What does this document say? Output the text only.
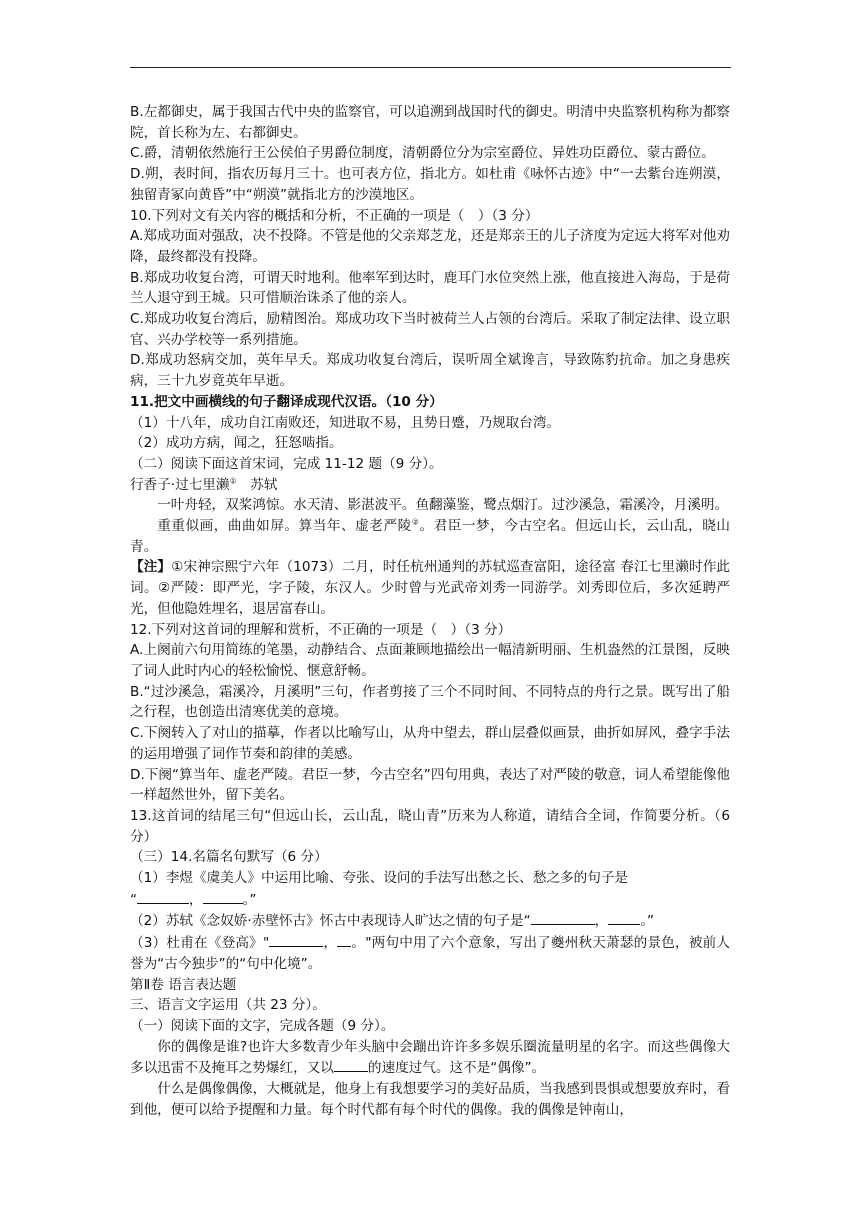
B.左都御史，属于我国古代中央的监察官，可以追溯到战国时代的御史。明清中央监察机构称为都察院，首长称为左、右都御史。

C.爵，清朝依然施行王公侯伯子男爵位制度，清朝爵位分为宗室爵位、异姓功臣爵位、蒙古爵位。

D.朔，表时间，指农历每月三十。也可表方位，指北方。如杜甫《咏怀古迹》中“一去紫台连朔漠，独留青冢向黄昏”中“朔漠”就指北方的沙漠地区。

10.下列对文有关内容的概括和分析，不正确的一项是（　）（3 分）

A.郑成功面对强敌，决不投降。不管是他的父亲郑芝龙，还是郑亲王的儿子济度为定远大将军对他劝降，最终都没有投降。

B.郑成功收复台湾，可谓天时地利。他率军到达时，鹿耳门水位突然上涨，他直接进入海岛，于是荷兰人退守到王城。只可惜顺治诛杀了他的亲人。

C.郑成功收复台湾后，励精图治。郑成功攻下当时被荷兰人占领的台湾后。采取了制定法律、设立职官、兴办学校等一系列措施。

D.郑成功怒病交加，英年早夭。郑成功收复台湾后，误听周全斌谗言，导致陈豹抗命。加之身患疾病，三十九岁竟英年早逝。

11.把文中画横线的句子翻译成现代汉语。（10 分）

（1）十八年，成功自江南败还，知进取不易，且势日蹙，乃规取台湾。

（2）成功方病，闻之，狂怒啮指。

（二）阅读下面这首宋词，完成 11-12 题（9 分）。

行香子·过七里濑①　苏轼

一叶舟轻，双桨鸿惊。水天清、影湛波平。鱼翻藻鉴，鹭点烟汀。过沙溪急，霜溪冷，月溪明。

重重似画，曲曲如屏。算当年、虚老严陵②。君臣一梦，今古空名。但远山长，云山乱，晓山青。

【注】①宋神宗熙宁六年（1073）二月，时任杭州通判的苏轼巡查富阳，途径富 春江七里濑时作此词。②严陵：即严光，字子陵，东汉人。少时曾与光武帝刘秀一同游学。刘秀即位后，多次延聘严光，但他隐姓埋名，退居富春山。

12.下列对这首词的理解和赏析，不正确的一项是（　）（3 分）

A.上阕前六句用简练的笔墨，动静结合、点面兼顾地描绘出一幅清新明丽、生机盎然的江景图，反映了词人此时内心的轻松愉悦、惬意舒畅。

B.“过沙溪急，霜溪冷，月溪明”三句，作者剪接了三个不同时间、不同特点的舟行之景。既写出了船之行程，也创造出清寒优美的意境。

C.下阕转入了对山的描摹，作者以比喻写山，从舟中望去，群山层叠似画景，曲折如屏风，叠字手法的运用增强了词作节奏和韵律的美感。

D.下阕“算当年、虚老严陵。君臣一梦，今古空名”四句用典，表达了对严陵的敬意，词人希望能像他一样超然世外，留下美名。

13.这首词的结尾三句“但远山长，云山乱，晓山青”历来为人称道，请结合全词，作简要分析。（6 分）

（三）14.名篇名句默写（6 分）

（1）李煜《虞美人》中运用比喻、夸张、设问的手法写出愁之长、愁之多的句子是

“	，	。”

（2）苏轼《念奴娇·赤壁怀古》怀古中表现诗人旷达之情的句子是“	， 。”

（3）杜甫在《登高》"	， 。"两句中用了六个意象，写出了夔州秋天萧瑟的景色，被前人誉为“古今独步”的“句中化境”。

第Ⅱ卷 语言表达题

三、语言文字运用（共 23 分）。

（一）阅读下面的文字，完成各题（9 分）。

你的偶像是谁?也许大多数青少年头脑中会蹦出许许多多娱乐圈流量明星的名字。而这些偶像大多以迅雷不及掩耳之势爆红，又以	的速度过气。这不是“偶像”。

什么是偶像偶像，大概就是，他身上有我想要学习的美好品质，当我感到畏惧或想要放弃时，看到他，便可以给予提醒和力量。每个时代都有每个时代的偶像。我的偶像是钟南山，
